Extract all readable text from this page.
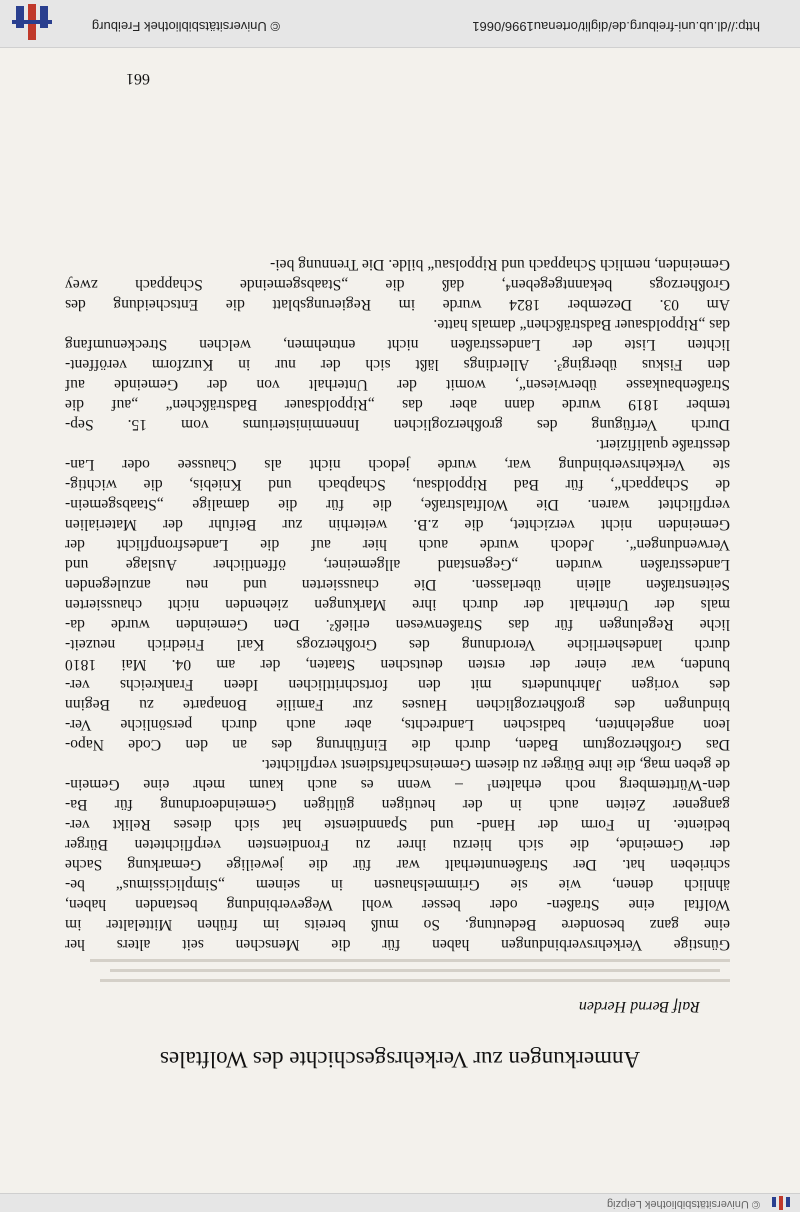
© Universitätsbibliothek Leipzig
Anmerkungen zur Verkehrsgeschichte des Wolftales
Ralf Bernd Herden
Günstige Verkehrsverbindungen haben für die Menschen seit alters her
eine ganz besondere Bedeutung. So muß bereits im frühen Mittelalter im
Wolftal eine Straßen- oder besser wohl Wegeverbindung bestanden haben,
ähnlich denen, wie sie Grimmelshausen in seinem „Simplicissimus“ be-
schrieben hat. Der Straßenunterhalt war für die jeweilige Gemarkung Sache
der Gemeinde, die sich hierzu ihrer zu Frondiensten verpflichteten Bürger
bediente. In Form der Hand- und Spanndienste hat sich dieses Relikt ver-
gangener Zeiten auch in der heutigen gültigen Gemeindeordnung für Ba-
den-Württemberg noch erhalten¹ – wenn es auch kaum mehr eine Gemein-
de geben mag, die ihre Bürger zu diesem Gemeinschaftsdienst verpflichtet.
Das Großherzogtum Baden, durch die Einführung des an den Code Napo-
leon angelehnten, badischen Landrechts, aber auch durch persönliche Ver-
bindungen des großherzoglichen Hauses zur Familie Bonaparte zu Beginn
des vorigen Jahrhunderts mit den fortschrittlichen Ideen Frankreichs ver-
bunden, war einer der ersten deutschen Staaten, der am 04. Mai 1810
durch landesherrliche Verordnung des Großherzogs Karl Friedrich neuzeit-
liche Regelungen für das Straßenwesen erließ². Den Gemeinden wurde da-
mals der Unterhalt der durch ihre Markungen ziehenden nicht chaussierten
Seitenstraßen allein überlassen. Die chaussierten und neu anzulegenden
Landesstraßen wurden „Gegenstand allgemeiner, öffentlicher Auslage und
Verwendungen“. Jedoch wurde auch hier auf die Landesfronpflicht der
Gemeinden nicht verzichtet, die z.B. weiterhin zur Beifuhr der Materialien
verpflichtet waren. Die Wolftalstraße, die für die damalige „Staabsgemein-
de Schappach“, für Bad Rippoldsau, Schapbach und Kniebis, die wichtig-
ste Verkehrsverbindung war, wurde jedoch nicht als Chaussee oder Lan-
desstraße qualifiziert.
Durch Verfügung des großherzoglichen Innenministeriums vom 15. Sep-
tember 1819 wurde dann aber das „Rippoldsauer Badsträßchen“ „auf die
Straßenbaukasse überwiesen“, womit der Unterhalt von der Gemeinde auf
den Fiskus überging³. Allerdings läßt sich der nur in Kurzform veröffent-
lichten Liste der Landesstraßen nicht entnehmen, welchen Streckenumfang
das „Rippoldsauer Badsträßchen“ damals hatte.
Am 03. Dezember 1824 wurde im Regierungsblatt die Entscheidung des
Großherzogs bekanntgegeben⁴, daß die „Staabsgemeinde Schappach zwey
Gemeinden, nemlich Schappach und Rippolsau“ bilde. Die Trennung bei-
661
http://dl.ub.uni-freiburg.de/diglit/ortenau1996/0661
© Universitätsbibliothek Freiburg
